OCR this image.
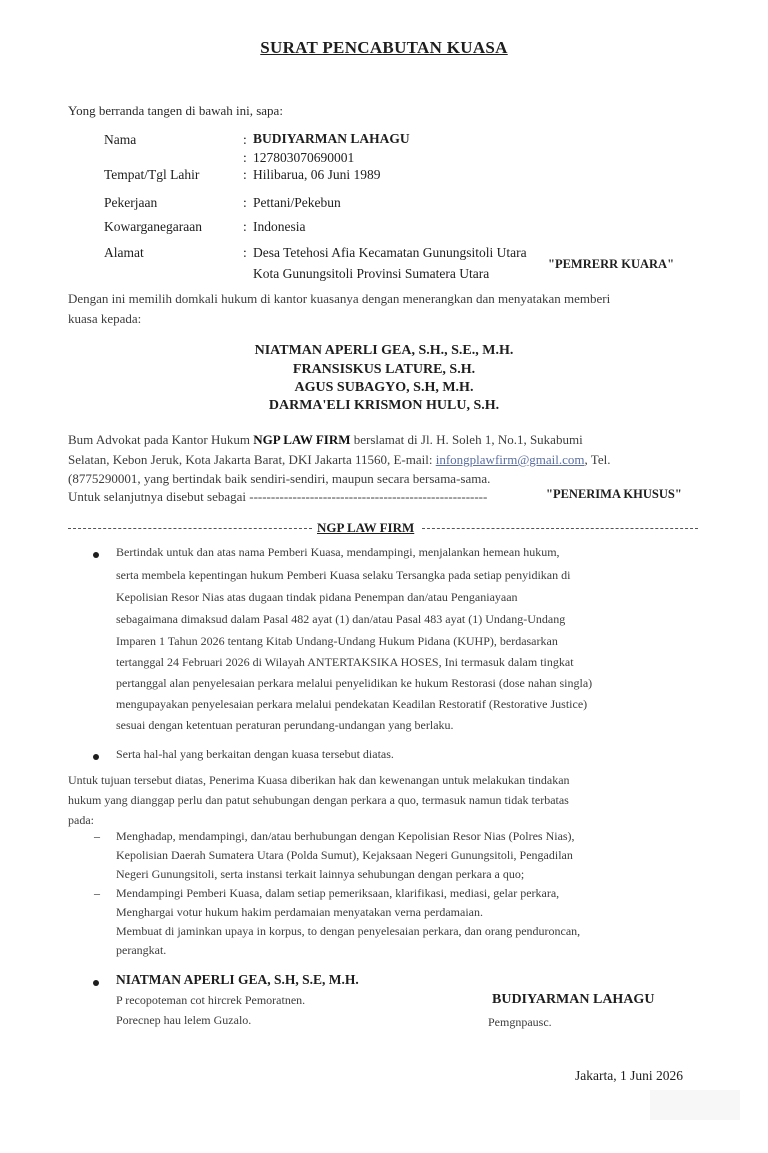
SURAT PENCABUTAN KUASA
Yong berranda tangen di bawah ini, sapa:
Nama	: BUDIYARMAN LAHAGU
: 127803070690001
Tempat/Tgl Lahir	: Hilibarua, 06 Juni 1989
Pekerjaan	: Pettani/Pekebun
Kowarganegaraan	: Indonesia
Alamat	: Desa Tetehosi Afia Kecamatan Gunungsitoli Utara
Kota Gunungsitoli Provinsi Sumatera Utara
"PEMRERR KUARA"
Dengan ini memilih domkali hukum di kantor kuasanya dengan menerangkan dan menyatakan memberi
kuasa kepada:
NIATMAN APERLI GEA, S.H., S.E., M.H.
FRANSISKUS LATURE, S.H.
AGUS SUBAGYO, S.H, M.H.
DARMA'ELI KRISMON HULU, S.H.
Bum Advokat pada Kantor Hukum NGP LAW FIRM berslamat di Jl. H. Soleh 1, No.1, Sukabumi
Selatan, Kebon Jeruk, Kota Jakarta Barat, DKI Jakarta 11560, E-mail: infongplawfirm@gmail.com, Tel.
(8775290001, yang bertindak baik sendiri-sendiri, maupun secara bersama-sama.
Untuk selanjutnya disebut sebagai -------------------------------------------------------	"PENERIMA KHUSUS"
NGP LAW FIRM
Bertindak untuk dan atas nama Pemberi Kuasa, mendampingi, menjalankan hemean hukum,
serta membela kepentingan hukum Pemberi Kuasa selaku Tersangka pada setiap penyidikan di
Kepolisian Resor Nias atas dugaan tindak pidana Penempan dan/atau Penganiayaan
sebagaimana dimaksud dalam Pasal 482 ayat (1) dan/atau Pasal 483 ayat (1) Undang-Undang
Imparen 1 Tahun 2026 tentang Kitab Undang-Undang Hukum Pidana (KUHP), berdasarkan
tertanggal 24 Februari 2026 di Wilayah ANTERTAKSIKA HOSES, Ini termasuk dalam tingkat
pertanggal alan penyelesaian perkara melalui penyelidikan ke hukum Restorasi (dose nahan singla)
mengupayakan penyelesaian perkara melalui pendekatan Keadilan Restoratif (Restorative Justice)
sesuai dengan ketentuan peraturan perundang-undangan yang berlaku.
Serta hal-hal yang berkaitan dengan kuasa tersebut diatas.
Untuk tujuan tersebut diatas, Penerima Kuasa diberikan hak dan kewenangan untuk melakukan tindakan
hukum yang dianggap perlu dan patut sehubungan dengan perkara a quo, termasuk namun tidak terbatas
pada:
– Menghadap, mendampingi, dan/atau berhubungan dengan Kepolisian Resor Nias (Polres Nias),
Kepolisian Daerah Sumatera Utara (Polda Sumut), Kejaksaan Negeri Gunungsitoli, Pengadilan
Negeri Gunungsitoli, serta instansi terkait lainnya sehubungan dengan perkara a quo;
– Mendampingi Pemberi Kuasa, dalam setiap pemeriksaan, klarifikasi, mediasi, gelar perkara,
Menghargai votur hukum hakim perdamaian menyatakan verna perdamaian.
Membuat di jaminkan upaya in korpus, to dengan penyelesaian perkara, dan orang penduroncan,
perangkat.
NIATMAN APERLI GEA, S.H, S.E, M.H.
P recopoteman cot hircrek Pemoratnen.
Porecnep hau lelem Guzalo.
BUDIYARMAN LAHAGU
Pemgnpausc.
Jakarta, 1 Juni 2026
